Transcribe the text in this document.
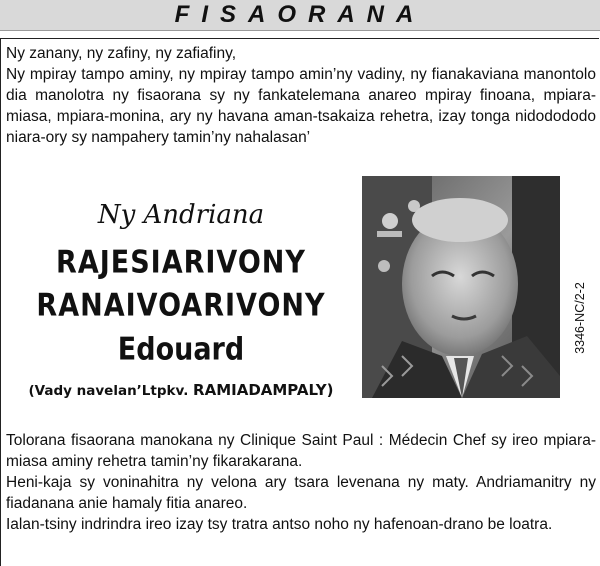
FISAORANA

Ny zanany, ny zafiny, ny zafiafiny,

Ny mpiray tampo aminy, ny mpiray tampo amin’ny vadiny, ny fianakaviana manontolo dia manolotra ny fisaorana sy ny fankatelemana anareo mpiray finoana, mpiara-miasa, mpiara-monina, ary ny havana aman-tsakaiza rehetra, izay tonga nidodododo niara-ory sy nampahery tamin’ny nahalasan’

Ny Andriana
RAJESIARIVONY
RANAIVOARIVONY
Edouard
(Vady navelan’Ltpkv. RAMIADAMPALY)
3346-NC/2-2

Tolorana fisaorana manokana ny Clinique Saint Paul : Médecin Chef sy ireo mpiara-miasa aminy rehetra tamin’ny fikarakarana.

Heni-kaja sy voninahitra ny velona ary tsara levenana ny maty. Andriamanitry ny fiadanana anie hamaly fitia anareo.

Ialan-tsiny indrindra ireo izay tsy tratra antso noho ny hafenoan-drano be loatra.
